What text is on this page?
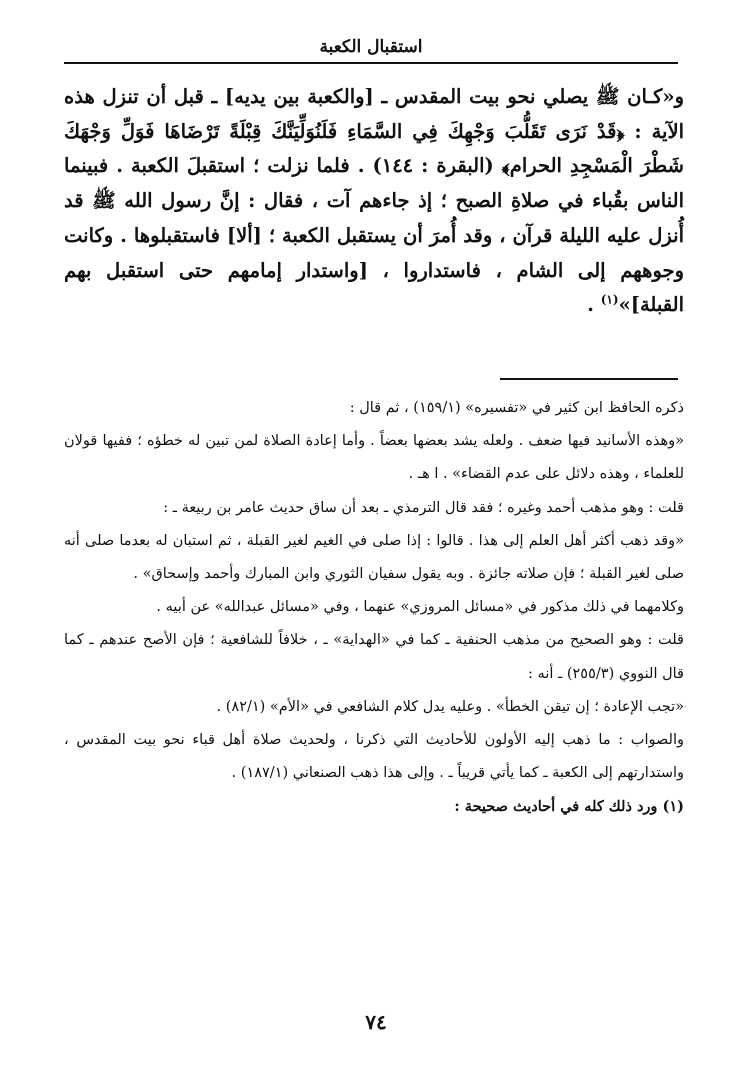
استقبال الكعبة

و«كـان ﷺ يصلي نحو بيت المقدس ـ [والكعبة بين يديه] ـ قبل أن تنزل هذه الآية : ﴿قَدْ نَرَى تَقَلُّبَ وَجْهِكَ فِي السَّمَاءِ فَلَنُوَلِّيَنَّكَ قِبْلَةً تَرْضَاهَا فَوَلِّ وَجْهَكَ شَطْرَ الْمَسْجِدِ الحرام﴾ (البقرة : ١٤٤) . فلما نزلت ؛ استقبلَ الكعبة . فبينما الناس بقُباء في صلاةِ الصبح ؛ إذ جاءهم آت ، فقال : إنَّ رسول الله ﷺ قد أُنزل عليه الليلة قرآن ، وقد أُمرَ أن يستقبل الكعبة ؛ [ألا] فاستقبلوها . وكانت وجوههم إلى الشام ، فاستداروا ، [واستدار إمامهم حتى استقبل بهم القبلة]»$^{(١)}$ .

ذكره الحافظ ابن كثير في «تفسيره» (١٥٩/١) ، ثم قال :

«وهذه الأسانيد فيها ضعف . ولعله يشد بعضها بعضاً . وأما إعادة الصلاة لمن تبين له خطؤه ؛ ففيها قولان للعلماء ، وهذه دلائل على عدم القضاء» . ا هـ .

قلت : وهو مذهب أحمد وغيره ؛ فقد قال الترمذي ـ بعد أن ساق حديث عامر بن ربيعة ـ :

«وقد ذهب أكثر أهل العلم إلى هذا . قالوا : إذا صلى في الغيم لغير القبلة ، ثم استبان له بعدما صلى أنه صلى لغير القبلة ؛ فإن صلاته جائزة . وبه يقول سفيان الثوري وابن المبارك وأحمد وإسحاق» .

وكلامهما في ذلك مذكور في «مسائل المروزي» عنهما ، وفي «مسائل عبدالله» عن أبيه .

قلت : وهو الصحيح من مذهب الحنفية ـ كما في «الهداية» ـ ، خلافاً للشافعية ؛ فإن الأصح عندهم ـ كما قال النووي (٢٥٥/٣) ـ أنه :

«تجب الإعادة ؛ إن تيقن الخطأ» . وعليه يدل كلام الشافعي في «الأم» (٨٢/١) .

والصواب : ما ذهب إليه الأولون للأحاديث التي ذكرنا ، ولحديث صلاة أهل قباء نحو بيت المقدس ، واستدارتهم إلى الكعبة ـ كما يأتي قريباً ـ . وإلى هذا ذهب الصنعاني (١٨٧/١) .

(١) ورد ذلك كله في أحاديث صحيحة :

٧٤
